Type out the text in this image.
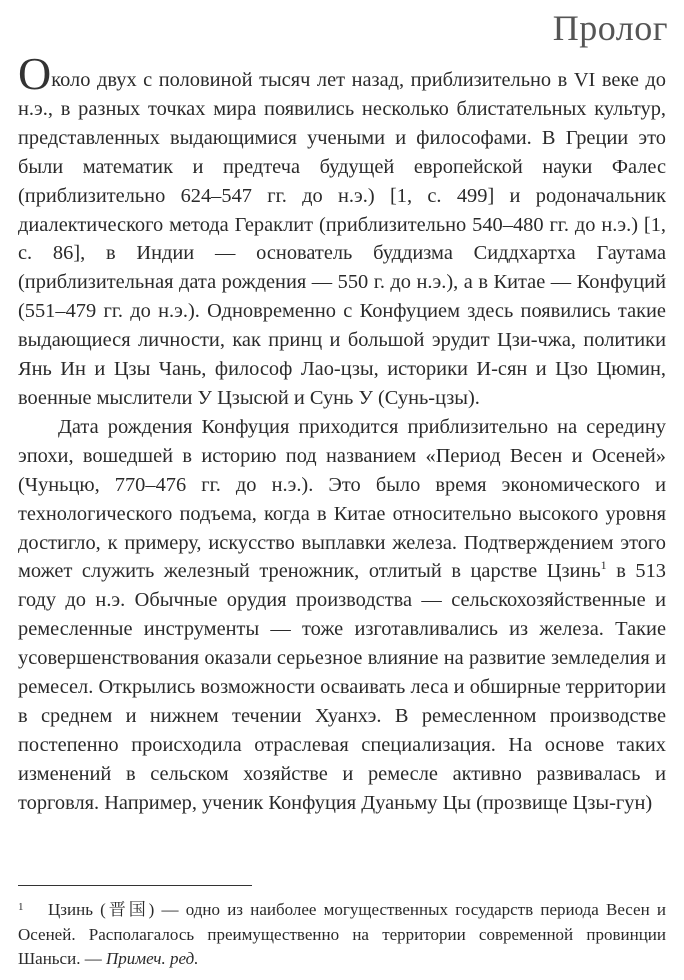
Пролог

Около двух с половиной тысяч лет назад, приблизительно в VI веке до н.э., в разных точках мира появились несколько блистательных культур, представленных выдающимися учеными и философами. В Греции это были математик и предтеча будущей европейской науки Фалес (приблизительно 624–547 гг. до н.э.) [1, с. 499] и родоначальник диалектического метода Гераклит (приблизительно 540–480 гг. до н.э.) [1, с. 86], в Индии — основатель буддизма Сиддхартха Гаутама (приблизительная дата рождения — 550 г. до н.э.), а в Китае — Конфуций (551–479 гг. до н.э.). Одновременно с Конфуцием здесь появились такие выдающиеся личности, как принц и большой эрудит Цзи-чжа, политики Янь Ин и Цзы Чань, философ Лао-цзы, историки И-сян и Цзо Цюмин, военные мыслители У Цзысюй и Сунь У (Сунь-цзы).

Дата рождения Конфуция приходится приблизительно на середину эпохи, вошедшей в историю под названием «Период Весен и Осеней» (Чуньцю, 770–476 гг. до н.э.). Это было время экономического и технологического подъема, когда в Китае относительно высокого уровня достигло, к примеру, искусство выплавки железа. Подтверждением этого может служить железный треножник, отлитый в царстве Цзинь$^1$ в 513 году до н.э. Обычные орудия производства — сельскохозяйственные и ремесленные инструменты — тоже изготавливались из железа. Такие усовершенствования оказали серьезное влияние на развитие земледелия и ремесел. Открылись возможности осваивать леса и обширные территории в среднем и нижнем течении Хуанхэ. В ремесленном производстве постепенно происходила отраслевая специализация. На основе таких изменений в сельском хозяйстве и ремесле активно развивалась и торговля. Например, ученик Конфуция Дуаньму Цы (прозвище Цзы-гун)

1 Цзинь (晋国) — одно из наиболее могущественных государств периода Весен и Осеней. Располагалось преимущественно на территории современной провинции Шаньси. — Примеч. ред.
